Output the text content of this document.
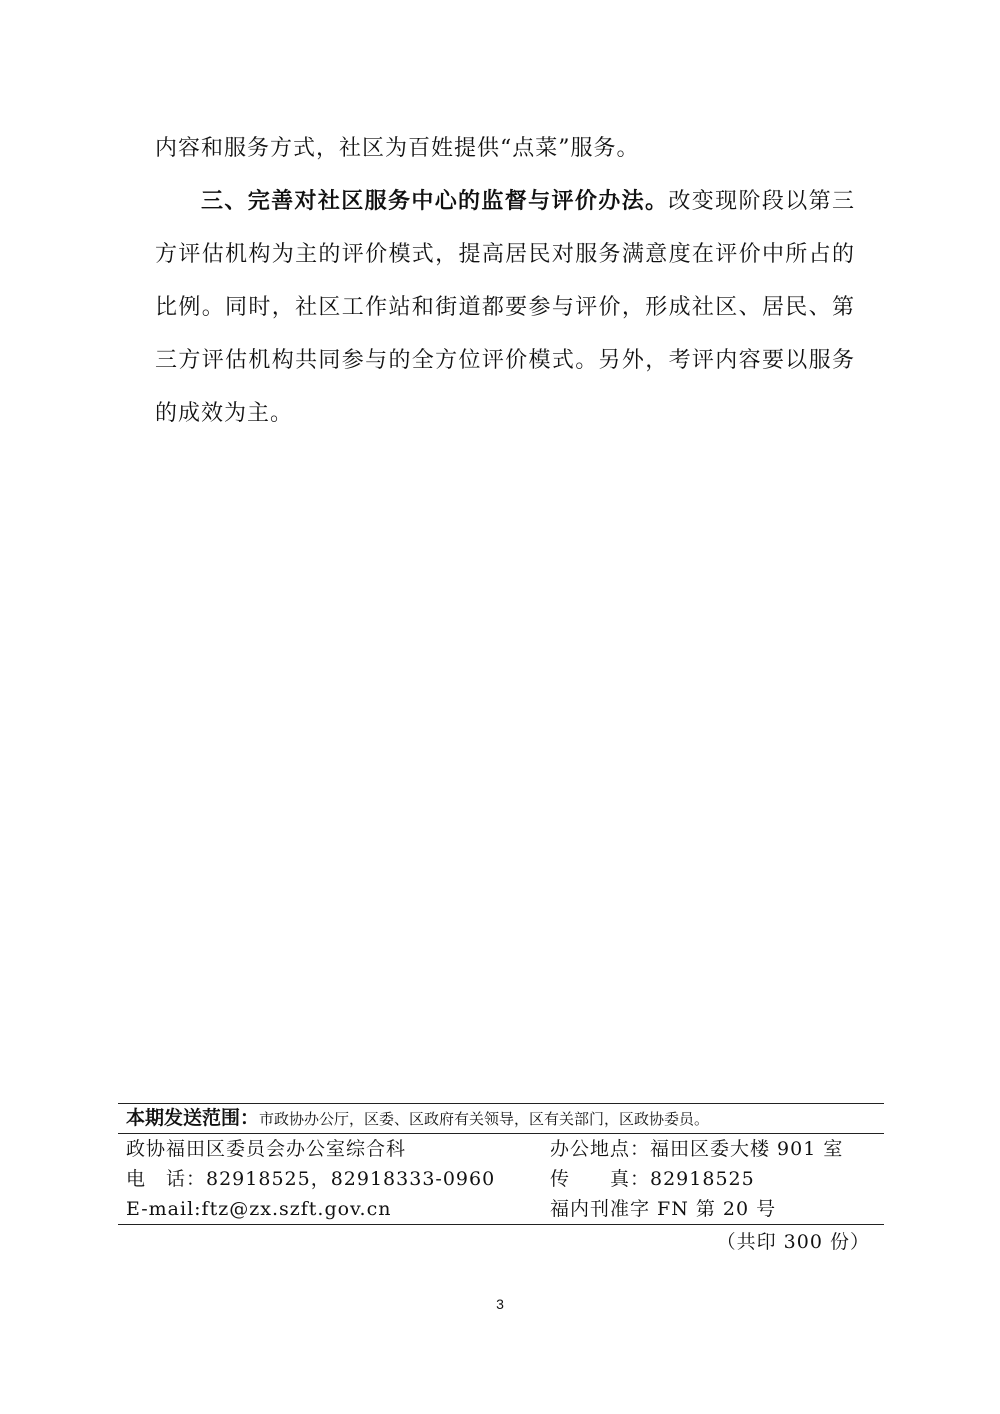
内容和服务方式，社区为百姓提供“点菜”服务。

三、完善对社区服务中心的监督与评价办法。改变现阶段以第三方评估机构为主的评价模式，提高居民对服务满意度在评价中所占的比例。同时，社区工作站和街道都要参与评价，形成社区、居民、第三方评估机构共同参与的全方位评价模式。另外，考评内容要以服务的成效为主。

本期发送范围：市政协办公厅，区委、区政府有关领导，区有关部门，区政协委员。
政协福田区委员会办公室综合科	办公地点：福田区委大楼 901 室
电　话：82918525，82918333-0960	传　　真：82918525
E-mail:ftz@zx.szft.gov.cn	福内刊准字 FN 第 20 号
（共印 300 份）
3
